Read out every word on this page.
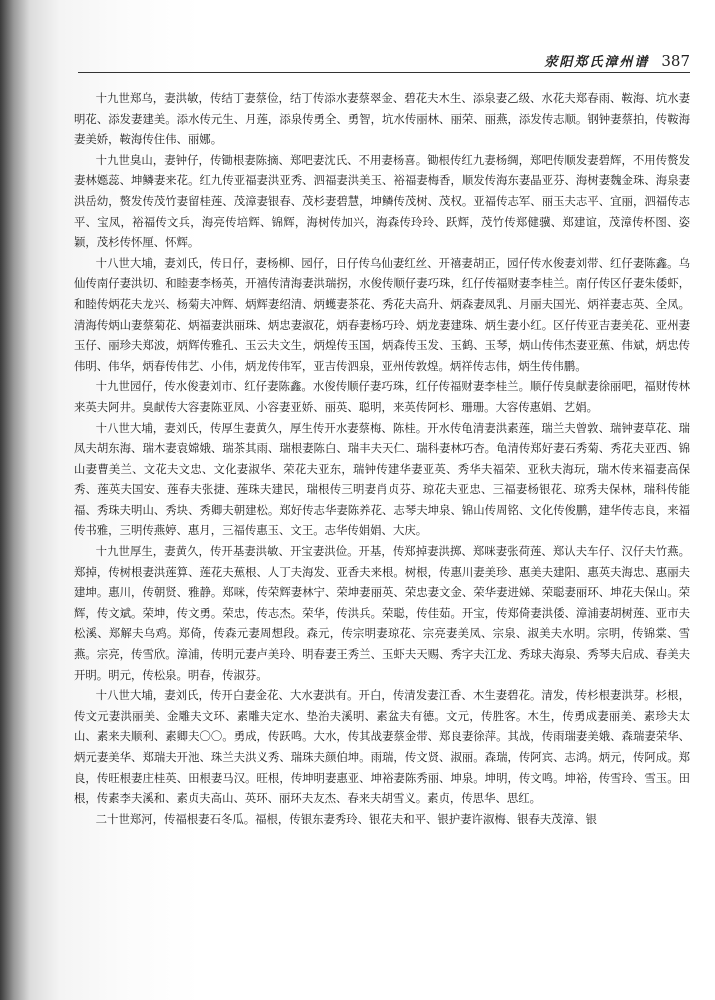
荥阳郑氏漳州谱 387

十九世郑乌，妻洪敏，传结丁妻蔡俭，结丁传添水妻蔡翠金、碧花夫木生、添泉妻乙级、水花夫郑春雨、鞍海、坑水妻明花、添发妻建美。添水传元生、月莲，添泉传勇全、勇智，坑水传丽林、丽荣、丽燕，添发传志顺。钢钟妻蔡拍，传鞍海妻美娇，鞍海传住伟、丽娜。

十九世臭山，妻钟仔，传锄根妻陈摘、郑吧妻沈氏、不用妻杨喜。锄根传红九妻杨绸，郑吧传顺发妻碧辉，不用传赘发妻林嫕蕊、坤鳞妻来花。红九传亚福妻洪亚秀、泗福妻洪美玉、裕福妻梅香，顺发传海东妻晶亚芬、海树妻魏金珠、海泉妻洪岳幼，赘发传茂竹妻留桂莲、茂漳妻银春、茂杉妻碧慧，坤鳞传茂树、茂权。亚福传志军、丽玉夫志平、宜丽，泗福传志平、宝凤，裕福传文兵，海亮传培辉、锦辉，海树传加兴，海森传玲玲、跃辉，茂竹传郑健骥、郑建谊，茂漳传杯图、姿颖，茂杉传怀厘、怀辉。

十八世大埔，妻刘氏，传日仔，妻杨柳、园仔，日仔传乌仙妻红丝、开禧妻胡正，园仔传水俊妻刘带、红仔妻陈鑫。乌仙传南仔妻洪切、和睦妻李杨英，开禧传清海妻洪瑞拐，水俊传顺仔妻巧珠，红仔传福财妻李桂兰。南仔传区仔妻朱倭虾，和睦传炳花夫龙兴、杨菊夫冲辉、炳辉妻绍清、炳蠖妻茶花、秀花夫高升、炳森妻凤乳、月丽夫国光、炳祥妻志英、全凤。清海传炳山妻蔡菊花、炳福妻洪丽珠、炳忠妻淑花，炳春妻杨巧玲、炳龙妻建珠、炳生妻小红。区仔传亚吉妻美花、亚州妻玉仔、丽珍夫郑波，炳辉传雅孔、玉云夫文生，炳煌传玉国，炳森传玉发、玉鹤、玉琴，炳山传伟杰妻亚蕉、伟斌，炳忠传伟明、伟华，炳春传伟艺、小伟，炳龙传伟军，亚吉传泗泉，亚州传敦煌。炳祥传志伟，炳生传伟鹏。

十九世园仔，传水俊妻刘市、红仔妻陈鑫。水俊传顺仔妻巧珠，红仔传福财妻李桂兰。顺仔传臭献妻徐丽吧，福财传林来英夫阿井。臭献传大容妻陈亚凤、小容妻亚娇、丽英、聪明，来英传阿杉、珊珊。大容传惠娟、艺娟。

十八世大埔，妻刘氏，传厚生妻黄久，厚生传开水妻蔡梅、陈桂。开水传龟清妻洪素莲，瑞兰夫曾敦、瑞钟妻草花、瑞凤夫胡东海、瑞木妻袁嫦娥、瑞茶其雨、瑞根妻陈白、瑞丰夫天仁、瑞科妻林巧杏。龟清传郑好妻石秀菊、秀花夫亚西、锦山妻曹美兰、文花夫文忠、文化妻淑华、荣花夫亚东，瑞钟传建华妻亚英、秀华夫福荣、亚秋夫海玩，瑞木传来福妻高保秀、莲英夫国安、莲春夫张捷、莲珠夫建民，瑞根传三明妻肖贞芬、琼花夫亚忠、三福妻杨银花、琼秀夫保林，瑞科传能福、秀珠夫明山、秀块、秀卿夫朝建松。郑好传志华妻陈养花、志琴夫坤泉、锦山传周铭、文化传俊鹏，建华传志良，来福传书雅，三明传燕婷、惠月，三福传惠玉、文王。志华传娟娟、大庆。

十九世厚生，妻黄久，传开基妻洪敏、开宝妻洪俭。开基，传郑掉妻洪掷、郑咪妻张荷莲、郑认夫车仔、汉仔夫竹燕。郑掉，传树根妻洪莲算、莲花夫蕉根、人丁夫海发、亚香夫来根。树根，传惠川妻美珍、惠美夫建阳、惠英夫海忠、惠丽夫建坤。惠川，传朝贤、雅静。郑咪，传荣辉妻林宁、荣坤妻丽英、荣忠妻文金、荣华妻进娣、荣聪妻丽环、坤花夫保山。荣辉，传文斌。荣坤，传文勇。荣忠，传志杰。荣华，传洪兵。荣聪，传佳茹。开宝，传郑倚妻洪倭、漳浦妻胡树莲、亚市夫松溪、郑解夫乌鸡。郑倚，传森元妻周想段。森元，传宗明妻琼花、宗亮妻美凤、宗泉、淑美夫水明。宗明，传锦棠、雪燕。宗亮，传雪欣。漳浦，传明元妻卢美玲、明春妻王秀兰、玉虾夫天赐、秀字夫江龙、秀球夫海泉、秀琴夫启成、春美夫开明。明元，传松泉。明春，传淑芬。

十八世大埔，妻刘氏，传开白妻金花、大水妻洪有。开白，传清发妻江香、木生妻碧花。清发，传杉根妻洪芽。杉根，传文元妻洪丽美、金雕夫文环、素雕夫定水、垫治夫溪明、素盆夫有德。文元，传胜客。木生，传勇成妻丽美、素珍夫太山、素来夫顺利、素卿夫〇〇。勇成，传跃鸣。大水，传其战妻蔡金带、郑良妻徐萍。其战，传雨瑞妻美娥、森瑞妻荣华、炳元妻美华、郑瑞夫开池、珠兰夫洪义秀、瑞珠夫颜伯坤。雨瑞，传文贤、淑丽。森瑞，传阿宾、志鸿。炳元，传阿成。郑良，传旺根妻庄桂英、田根妻马汉。旺根，传坤明妻惠亚、坤裕妻陈秀丽、坤泉。坤明，传文鸣。坤裕，传雪玲、雪玉。田根，传素李夫溪和、素贞夫高山、英环、丽环夫友杰、春来夫胡雪义。素贞，传思华、思红。

二十世郑河，传福根妻石冬瓜。福根，传银东妻秀玲、银花夫和平、银护妻许淑梅、银春夫茂漳、银
